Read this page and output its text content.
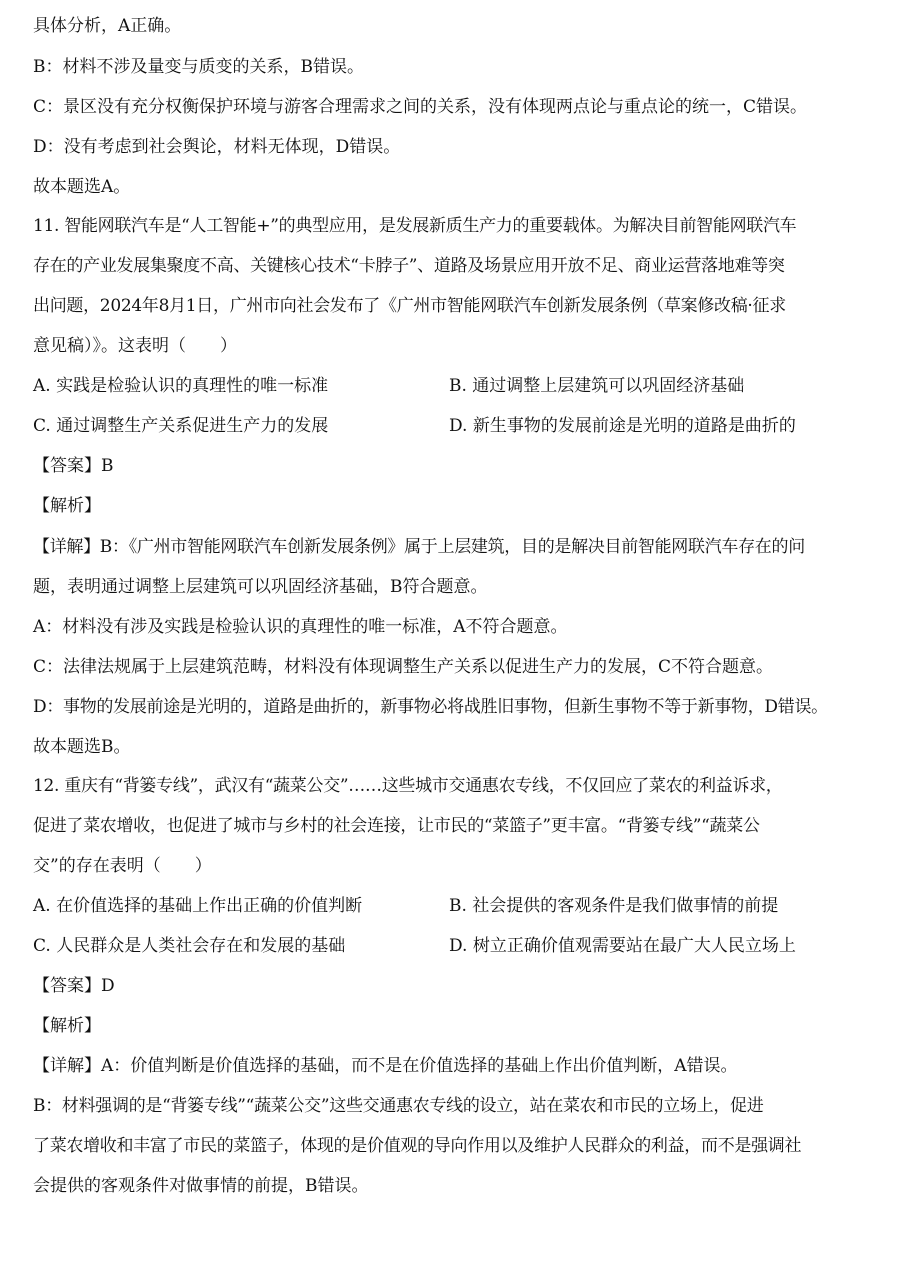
具体分析，A正确。
B：材料不涉及量变与质变的关系，B错误。
C：景区没有充分权衡保护环境与游客合理需求之间的关系，没有体现两点论与重点论的统一，C错误。
D：没有考虑到社会舆论，材料无体现，D错误。
故本题选A。
11. 智能网联汽车是“人工智能+”的典型应用，是发展新质生产力的重要载体。为解决目前智能网联汽车
存在的产业发展集聚度不高、关键核心技术“卡脖子”、道路及场景应用开放不足、商业运营落地难等突
出问题，2024年8月1日，广州市向社会发布了《广州市智能网联汽车创新发展条例（草案修改稿·征求
意见稿）》。这表明（　　）
A. 实践是检验认识的真理性的唯一标准	B. 通过调整上层建筑可以巩固经济基础
C. 通过调整生产关系促进生产力的发展	D. 新生事物的发展前途是光明的道路是曲折的
【答案】B
【解析】
【详解】B：《广州市智能网联汽车创新发展条例》属于上层建筑，目的是解决目前智能网联汽车存在的问
题，表明通过调整上层建筑可以巩固经济基础，B符合题意。
A：材料没有涉及实践是检验认识的真理性的唯一标准，A不符合题意。
C：法律法规属于上层建筑范畴，材料没有体现调整生产关系以促进生产力的发展，C不符合题意。
D：事物的发展前途是光明的，道路是曲折的，新事物必将战胜旧事物，但新生事物不等于新事物，D错误。
故本题选B。
12. 重庆有“背篓专线”，武汉有“蔬菜公交”……这些城市交通惠农专线，不仅回应了菜农的利益诉求，
促进了菜农增收，也促进了城市与乡村的社会连接，让市民的“菜篮子”更丰富。“背篓专线”“蔬菜公
交”的存在表明（　　）
A. 在价值选择的基础上作出正确的价值判断	B. 社会提供的客观条件是我们做事情的前提
C. 人民群众是人类社会存在和发展的基础	D. 树立正确价值观需要站在最广大人民立场上
【答案】D
【解析】
【详解】A：价值判断是价值选择的基础，而不是在价值选择的基础上作出价值判断，A错误。
B：材料强调的是“背篓专线”“蔬菜公交”这些交通惠农专线的设立，站在菜农和市民的立场上，促进
了菜农增收和丰富了市民的菜篮子，体现的是价值观的导向作用以及维护人民群众的利益，而不是强调社
会提供的客观条件对做事情的前提，B错误。
